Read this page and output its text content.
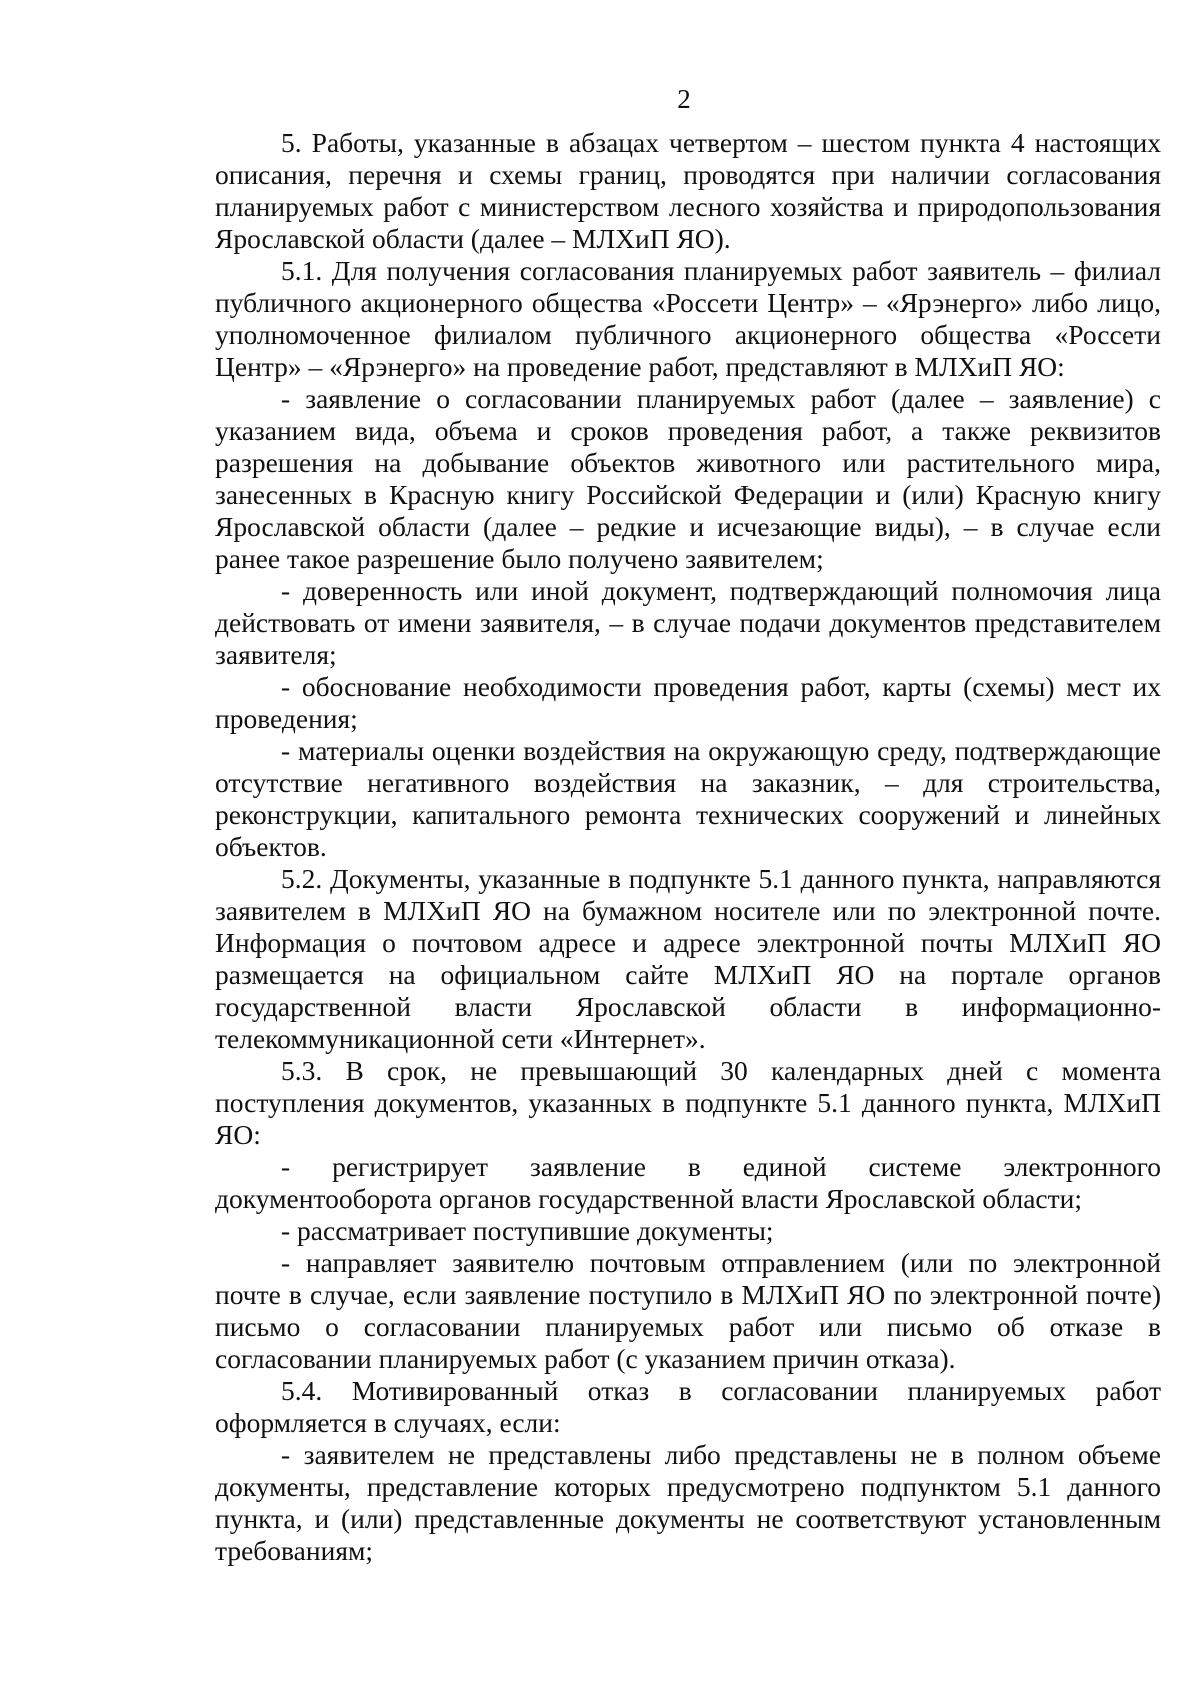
2

5. Работы, указанные в абзацах четвертом – шестом пункта 4 настоящих описания, перечня и схемы границ, проводятся при наличии согласования планируемых работ с министерством лесного хозяйства и природопользования Ярославской области (далее – МЛХиП ЯО).

5.1. Для получения согласования планируемых работ заявитель – филиал публичного акционерного общества «Россети Центр» – «Ярэнерго» либо лицо, уполномоченное филиалом публичного акционерного общества «Россети Центр» – «Ярэнерго» на проведение работ, представляют в МЛХиП ЯО:

- заявление о согласовании планируемых работ (далее – заявление) с указанием вида, объема и сроков проведения работ, а также реквизитов разрешения на добывание объектов животного или растительного мира, занесенных в Красную книгу Российской Федерации и (или) Красную книгу Ярославской области (далее – редкие и исчезающие виды), – в случае если ранее такое разрешение было получено заявителем;

- доверенность или иной документ, подтверждающий полномочия лица действовать от имени заявителя, – в случае подачи документов представителем заявителя;

- обоснование необходимости проведения работ, карты (схемы) мест их проведения;

- материалы оценки воздействия на окружающую среду, подтверждающие отсутствие негативного воздействия на заказник, – для строительства, реконструкции, капитального ремонта технических сооружений и линейных объектов.

5.2. Документы, указанные в подпункте 5.1 данного пункта, направляются заявителем в МЛХиП ЯО на бумажном носителе или по электронной почте. Информация о почтовом адресе и адресе электронной почты МЛХиП ЯО размещается на официальном сайте МЛХиП ЯО на портале органов государственной власти Ярославской области в информационно-телекоммуникационной сети «Интернет».

5.3. В срок, не превышающий 30 календарных дней с момента поступления документов, указанных в подпункте 5.1 данного пункта, МЛХиП ЯО:

- регистрирует заявление в единой системе электронного документооборота органов государственной власти Ярославской области;

- рассматривает поступившие документы;

- направляет заявителю почтовым отправлением (или по электронной почте в случае, если заявление поступило в МЛХиП ЯО по электронной почте) письмо о согласовании планируемых работ или письмо об отказе в согласовании планируемых работ (с указанием причин отказа).

5.4. Мотивированный отказ в согласовании планируемых работ оформляется в случаях, если:

- заявителем не представлены либо представлены не в полном объеме документы, представление которых предусмотрено подпунктом 5.1 данного пункта, и (или) представленные документы не соответствуют установленным требованиям;
